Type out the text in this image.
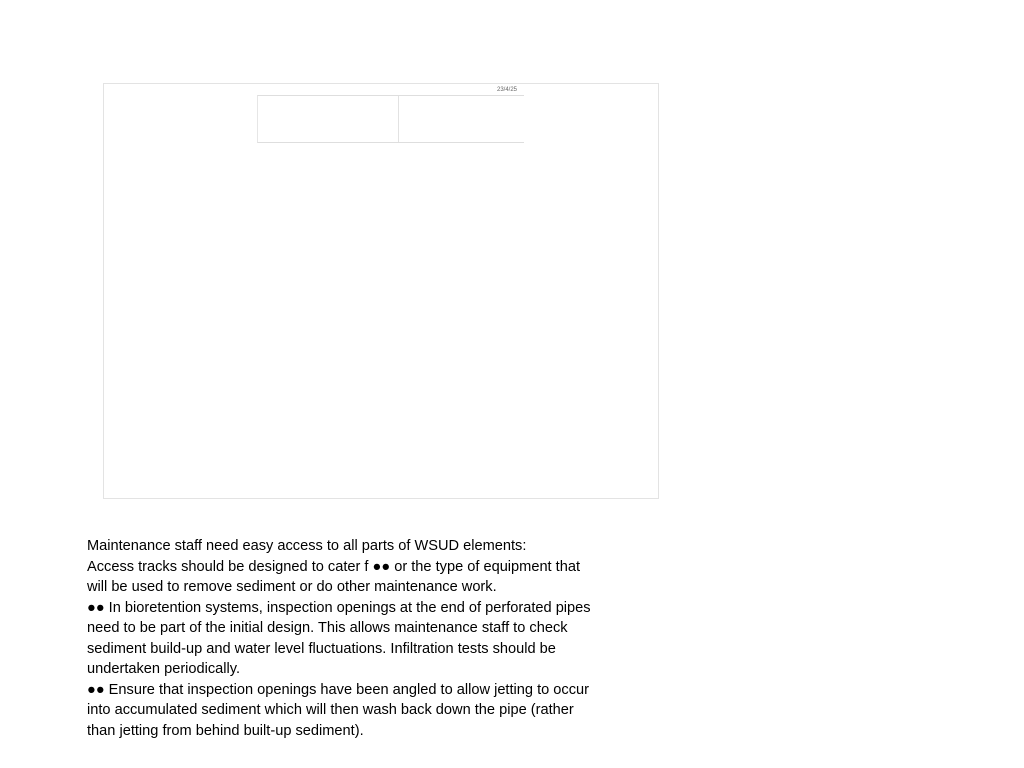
23/4/25

Maintenance staff need easy access to all parts of WSUD elements:

Access tracks should be designed to cater f ●● or the type of equipment that
will be used to remove sediment or do other maintenance work.

●● In bioretention systems, inspection openings at the end of perforated pipes
need to be part of the initial design. This allows maintenance staff to check
sediment build-up and water level fluctuations. Infiltration tests should be
undertaken periodically.

●● Ensure that inspection openings have been angled to allow jetting to occur
into accumulated sediment which will then wash back down the pipe (rather
than jetting from behind built-up sediment).
